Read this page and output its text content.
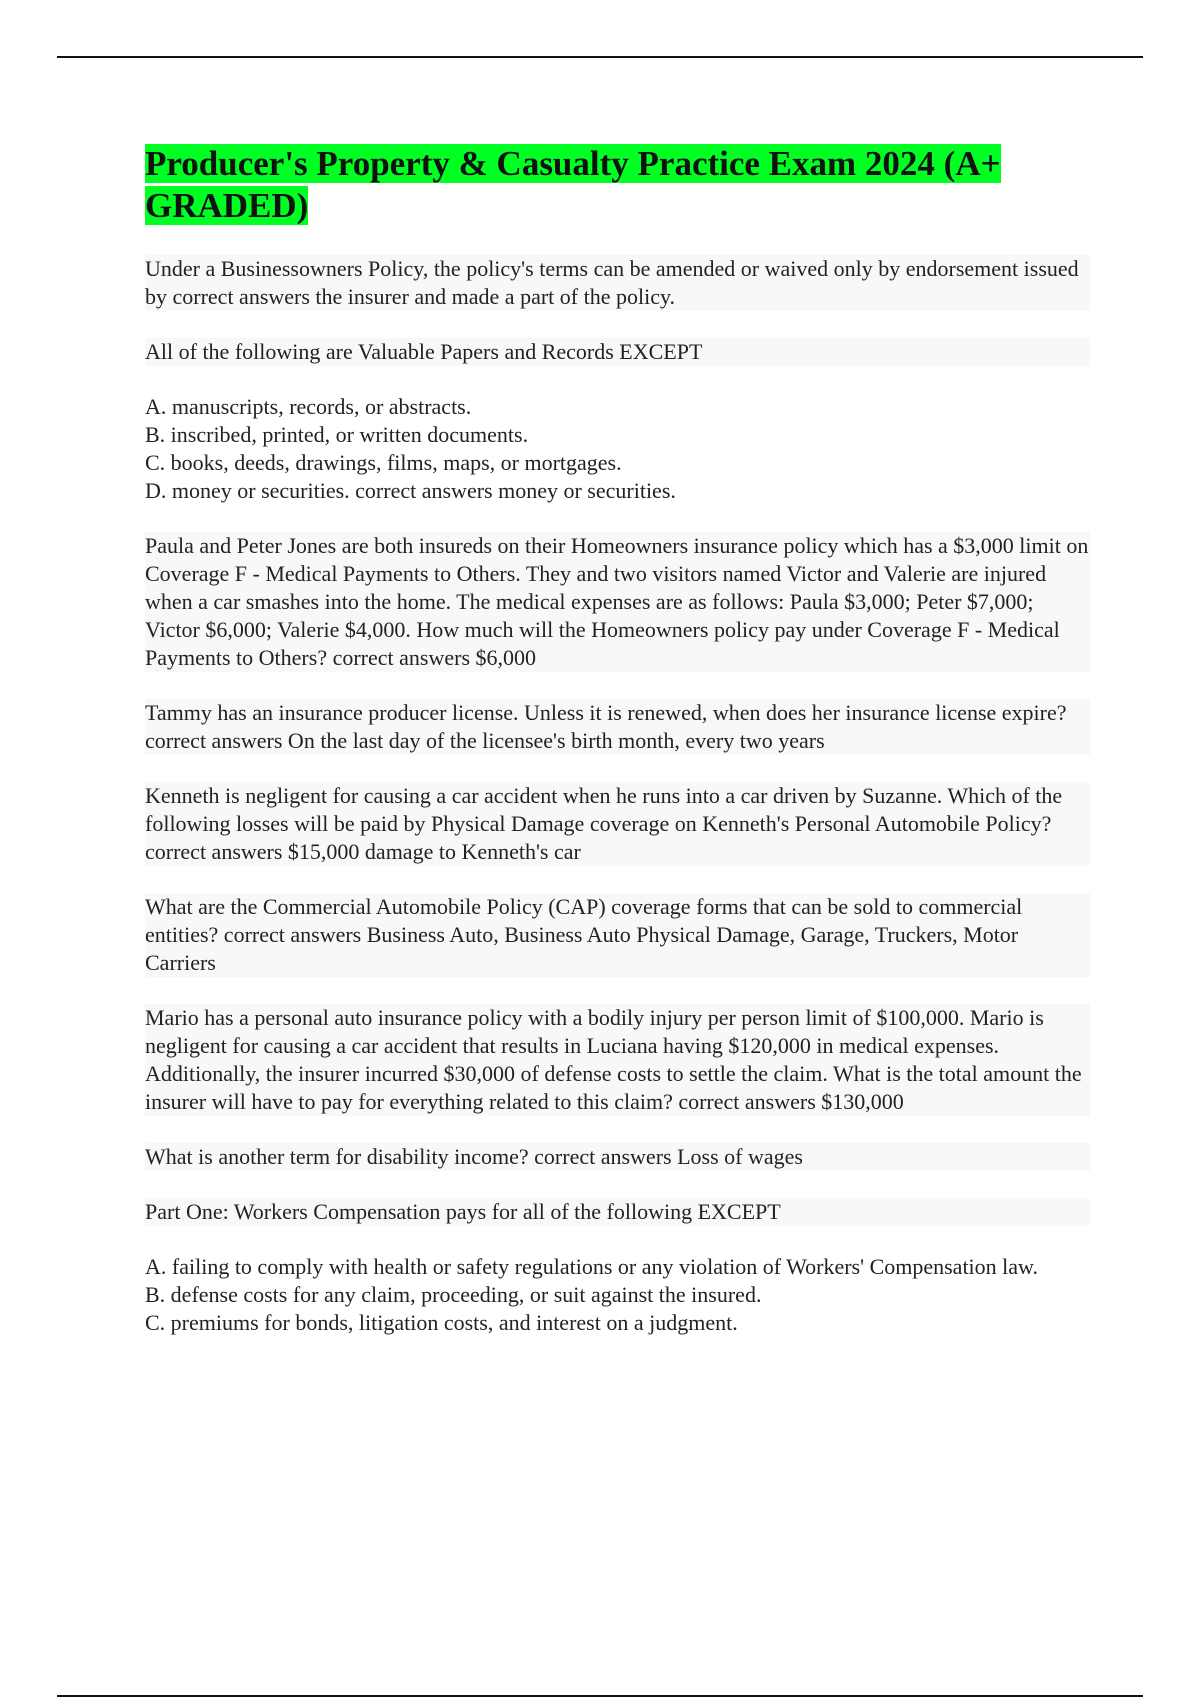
Producer's Property & Casualty Practice Exam 2024 (A+ GRADED)

Under a Businessowners Policy, the policy's terms can be amended or waived only by endorsement issued by correct answers the insurer and made a part of the policy.

All of the following are Valuable Papers and Records EXCEPT

A. manuscripts, records, or abstracts.
B. inscribed, printed, or written documents.
C. books, deeds, drawings, films, maps, or mortgages.
D. money or securities. correct answers money or securities.

Paula and Peter Jones are both insureds on their Homeowners insurance policy which has a $3,000 limit on Coverage F - Medical Payments to Others. They and two visitors named Victor and Valerie are injured when a car smashes into the home. The medical expenses are as follows: Paula $3,000; Peter $7,000; Victor $6,000; Valerie $4,000. How much will the Homeowners policy pay under Coverage F - Medical Payments to Others? correct answers $6,000

Tammy has an insurance producer license. Unless it is renewed, when does her insurance license expire? correct answers On the last day of the licensee's birth month, every two years

Kenneth is negligent for causing a car accident when he runs into a car driven by Suzanne. Which of the following losses will be paid by Physical Damage coverage on Kenneth's Personal Automobile Policy? correct answers $15,000 damage to Kenneth's car

What are the Commercial Automobile Policy (CAP) coverage forms that can be sold to commercial entities? correct answers Business Auto, Business Auto Physical Damage, Garage, Truckers, Motor Carriers

Mario has a personal auto insurance policy with a bodily injury per person limit of $100,000. Mario is negligent for causing a car accident that results in Luciana having $120,000 in medical expenses. Additionally, the insurer incurred $30,000 of defense costs to settle the claim. What is the total amount the insurer will have to pay for everything related to this claim? correct answers $130,000

What is another term for disability income? correct answers Loss of wages

Part One: Workers Compensation pays for all of the following EXCEPT

A. failing to comply with health or safety regulations or any violation of Workers' Compensation law.
B. defense costs for any claim, proceeding, or suit against the insured.
C. premiums for bonds, litigation costs, and interest on a judgment.
